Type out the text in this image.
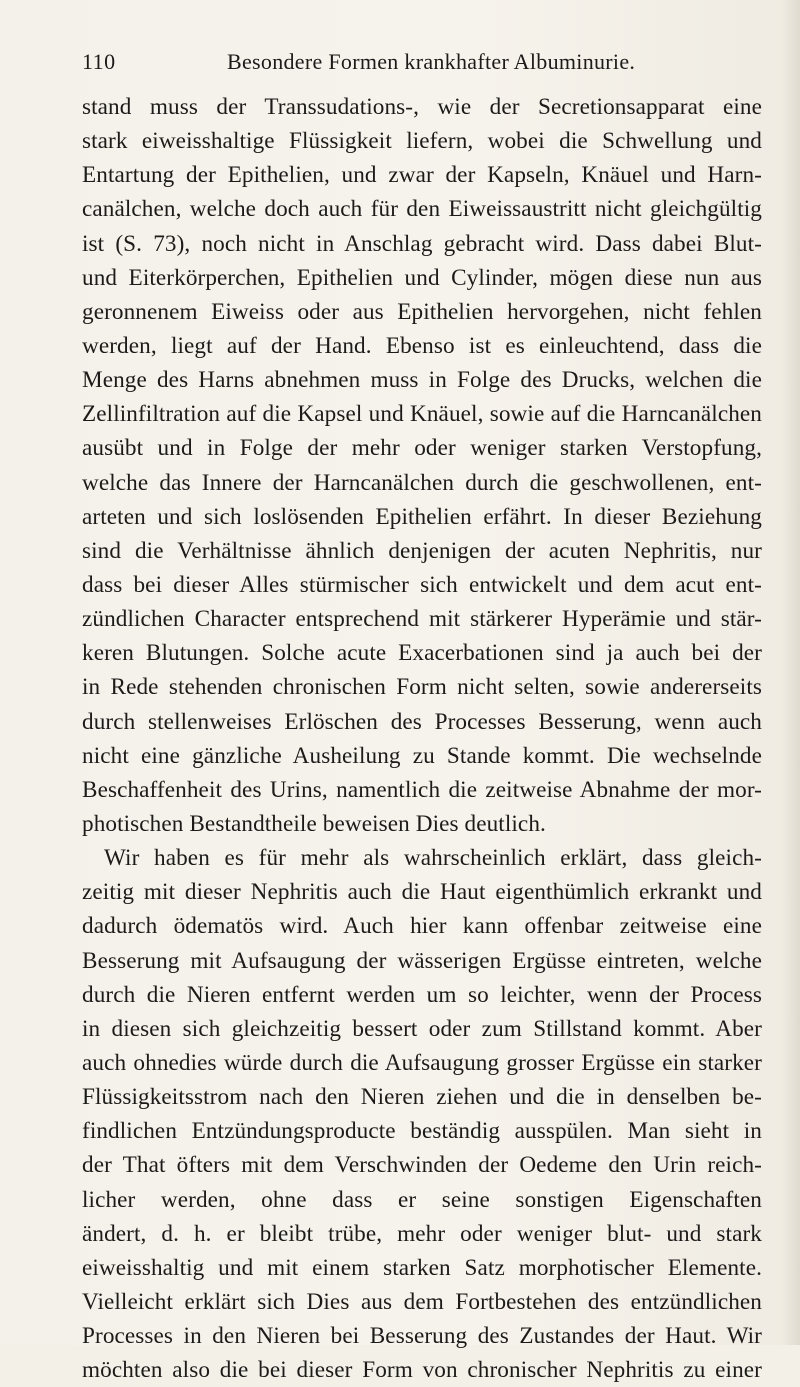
110	Besondere Formen krankhafter Albuminurie.
stand muss der Transsudations-, wie der Secretionsapparat eine
stark eiweisshaltige Flüssigkeit liefern, wobei die Schwellung und
Entartung der Epithelien, und zwar der Kapseln, Knäuel und Harn-
canälchen, welche doch auch für den Eiweissaustritt nicht gleichgültig
ist (S. 73), noch nicht in Anschlag gebracht wird. Dass dabei Blut-
und Eiterkörperchen, Epithelien und Cylinder, mögen diese nun aus
geronnenem Eiweiss oder aus Epithelien hervorgehen, nicht fehlen
werden, liegt auf der Hand. Ebenso ist es einleuchtend, dass die
Menge des Harns abnehmen muss in Folge des Drucks, welchen die
Zellinfiltration auf die Kapsel und Knäuel, sowie auf die Harncanälchen
ausübt und in Folge der mehr oder weniger starken Verstopfung,
welche das Innere der Harncanälchen durch die geschwollenen, ent-
arteten und sich loslösenden Epithelien erfährt. In dieser Beziehung
sind die Verhältnisse ähnlich denjenigen der acuten Nephritis, nur
dass bei dieser Alles stürmischer sich entwickelt und dem acut ent-
zündlichen Character entsprechend mit stärkerer Hyperämie und stär-
keren Blutungen. Solche acute Exacerbationen sind ja auch bei der
in Rede stehenden chronischen Form nicht selten, sowie andererseits
durch stellenweises Erlöschen des Processes Besserung, wenn auch
nicht eine gänzliche Ausheilung zu Stande kommt. Die wechselnde
Beschaffenheit des Urins, namentlich die zeitweise Abnahme der mor-
photischen Bestandtheile beweisen Dies deutlich.
Wir haben es für mehr als wahrscheinlich erklärt, dass gleich-
zeitig mit dieser Nephritis auch die Haut eigenthümlich erkrankt und
dadurch ödematös wird. Auch hier kann offenbar zeitweise eine
Besserung mit Aufsaugung der wässerigen Ergüsse eintreten, welche
durch die Nieren entfernt werden um so leichter, wenn der Process
in diesen sich gleichzeitig bessert oder zum Stillstand kommt. Aber
auch ohnedies würde durch die Aufsaugung grosser Ergüsse ein starker
Flüssigkeitsstrom nach den Nieren ziehen und die in denselben be-
findlichen Entzündungsproducte beständig ausspülen. Man sieht in
der That öfters mit dem Verschwinden der Oedeme den Urin reich-
licher werden, ohne dass er seine sonstigen Eigenschaften
ändert, d. h. er bleibt trübe, mehr oder weniger blut- und stark
eiweisshaltig und mit einem starken Satz morphotischer Elemente.
Vielleicht erklärt sich Dies aus dem Fortbestehen des entzündlichen
Processes in den Nieren bei Besserung des Zustandes der Haut. Wir
möchten also die bei dieser Form von chronischer Nephritis zu einer
